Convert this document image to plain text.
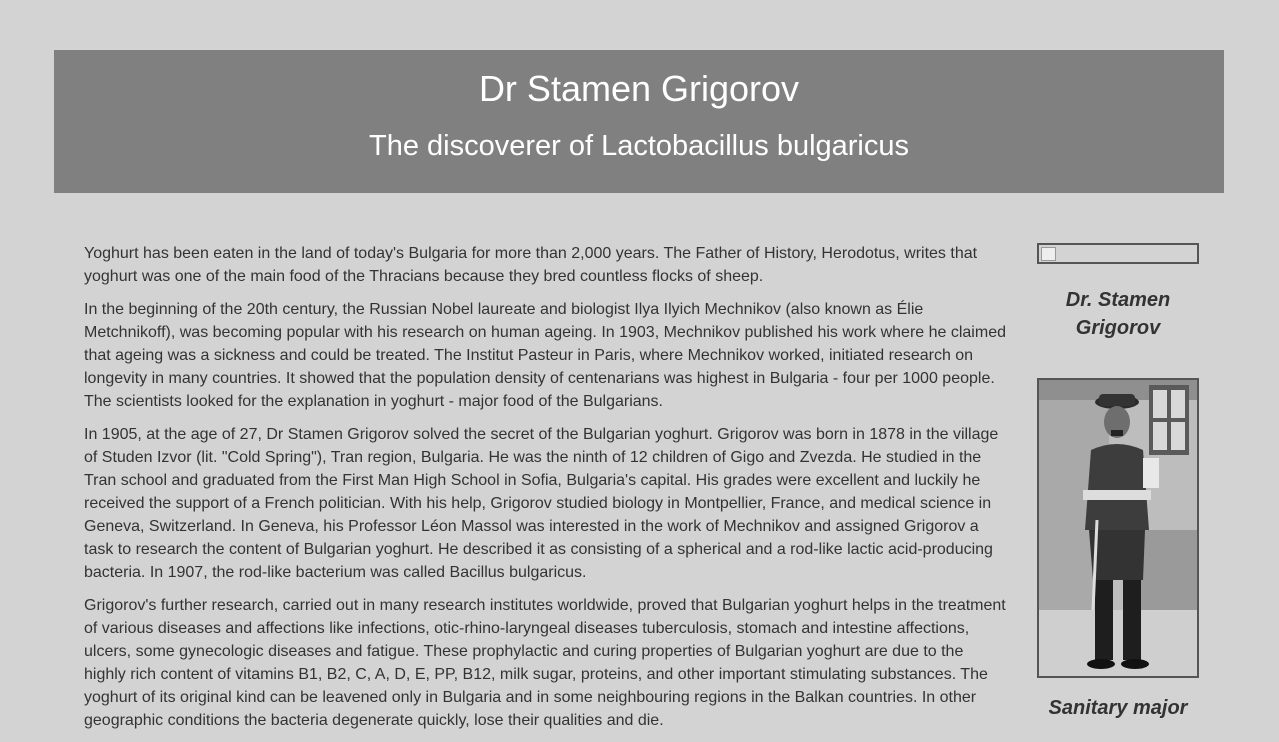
Dr Stamen Grigorov
The discoverer of Lactobacillus bulgaricus

Yoghurt has been eaten in the land of today's Bulgaria for more than 2,000 years. The Father of History, Herodotus, writes that yoghurt was one of the main food of the Thracians because they bred countless flocks of sheep.

In the beginning of the 20th century, the Russian Nobel laureate and biologist Ilya Ilyich Mechnikov (also known as Élie Metchnikoff), was becoming popular with his research on human ageing. In 1903, Mechnikov published his work where he claimed that ageing was a sickness and could be treated. The Institut Pasteur in Paris, where Mechnikov worked, initiated research on longevity in many countries. It showed that the population density of centenarians was highest in Bulgaria - four per 1000 people. The scientists looked for the explanation in yoghurt - major food of the Bulgarians.

In 1905, at the age of 27, Dr Stamen Grigorov solved the secret of the Bulgarian yoghurt. Grigorov was born in 1878 in the village of Studen Izvor (lit. "Cold Spring"), Tran region, Bulgaria. He was the ninth of 12 children of Gigo and Zvezda. He studied in the Tran school and graduated from the First Man High School in Sofia, Bulgaria's capital. His grades were excellent and luckily he received the support of a French politician. With his help, Grigorov studied biology in Montpellier, France, and medical science in Geneva, Switzerland. In Geneva, his Professor Léon Massol was interested in the work of Mechnikov and assigned Grigorov a task to research the content of Bulgarian yoghurt. He described it as consisting of a spherical and a rod-like lactic acid-producing bacteria. In 1907, the rod-like bacterium was called Bacillus bulgaricus.

Grigorov's further research, carried out in many research institutes worldwide, proved that Bulgarian yoghurt helps in the treatment of various diseases and affections like infections, otic-rhino-laryngeal diseases tuberculosis, stomach and intestine affections, ulcers, some gynecologic diseases and fatigue. These prophylactic and curing properties of Bulgarian yoghurt are due to the highly rich content of vitamins B1, B2, C, A, D, E, PP, B12, milk sugar, proteins, and other important stimulating substances. The yoghurt of its original kind can be leavened only in Bulgaria and in some neighbouring regions in the Balkan countries. In other geographic conditions the bacteria degenerate quickly, lose their qualities and die.

Dr. Stamen Grigorov
Sanitary major
